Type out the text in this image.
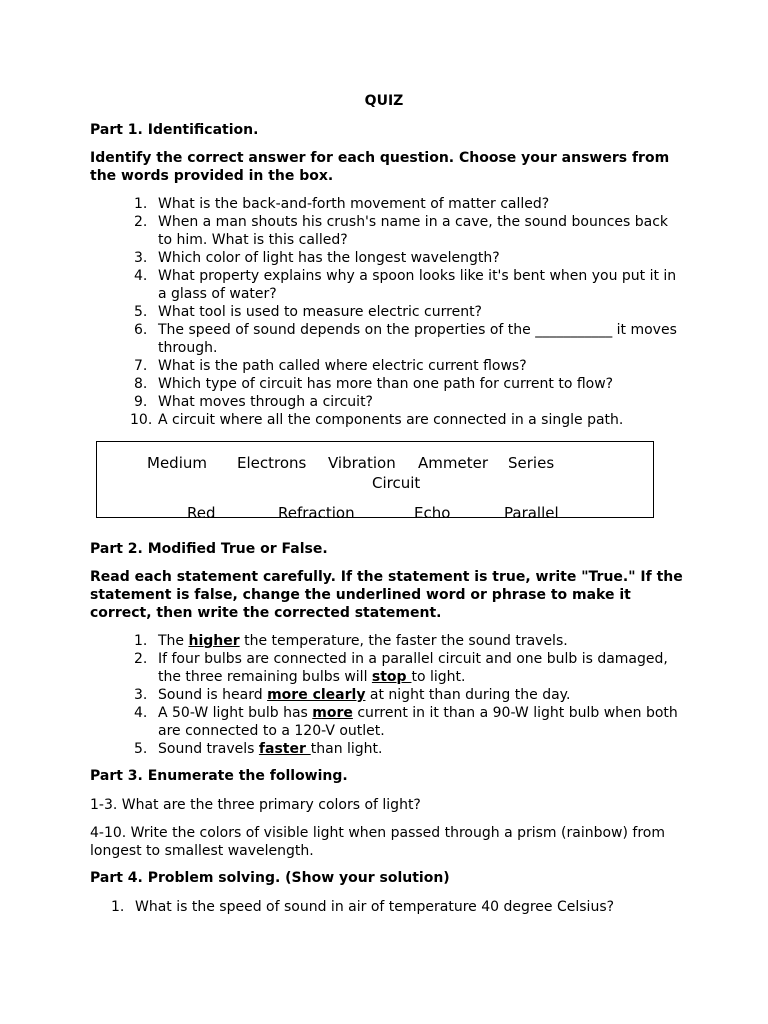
QUIZ
Part 1. Identification.
Identify the correct answer for each question. Choose your answers from the words provided in the box.
1. What is the back-and-forth movement of matter called?
2. When a man shouts his crush's name in a cave, the sound bounces back to him. What is this called?
3. Which color of light has the longest wavelength?
4. What property explains why a spoon looks like it's bent when you put it in a glass of water?
5. What tool is used to measure electric current?
6. The speed of sound depends on the properties of the ___________ it moves through.
7. What is the path called where electric current flows?
8. Which type of circuit has more than one path for current to flow?
9. What moves through a circuit?
10. A circuit where all the components are connected in a single path.
Medium Electrons Vibration Ammeter Series
Circuit
Red	Refraction	Echo	Parallel
Part 2. Modified True or False.
Read each statement carefully. If the statement is true, write "True." If the statement is false, change the underlined word or phrase to make it correct, then write the corrected statement.
1. The higher the temperature, the faster the sound travels.
2. If four bulbs are connected in a parallel circuit and one bulb is damaged, the three remaining bulbs will stop to light.
3. Sound is heard more clearly at night than during the day.
4. A 50-W light bulb has more current in it than a 90-W light bulb when both are connected to a 120-V outlet.
5. Sound travels faster than light.
Part 3. Enumerate the following.
1-3. What are the three primary colors of light?
4-10. Write the colors of visible light when passed through a prism (rainbow) from longest to smallest wavelength.
Part 4. Problem solving. (Show your solution)
1. What is the speed of sound in air of temperature 40 degree Celsius?
